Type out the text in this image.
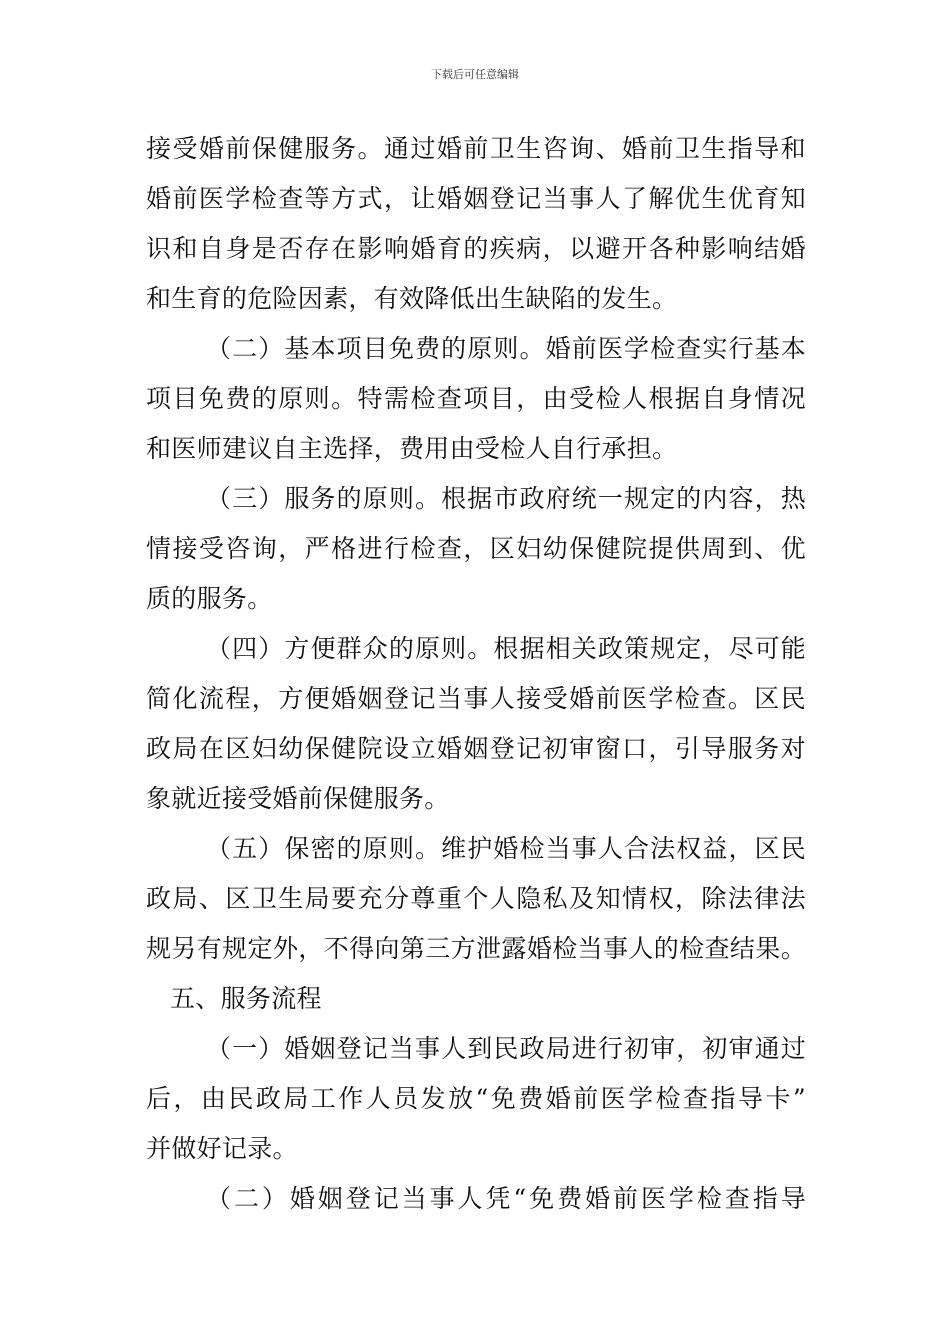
下载后可任意编辑
接受婚前保健服务。通过婚前卫生咨询、婚前卫生指导和
婚前医学检查等方式，让婚姻登记当事人了解优生优育知
识和自身是否存在影响婚育的疾病，以避开各种影响结婚
和生育的危险因素，有效降低出生缺陷的发生。
（二）基本项目免费的原则。婚前医学检查实行基本
项目免费的原则。特需检查项目，由受检人根据自身情况
和医师建议自主选择，费用由受检人自行承担。
（三）服务的原则。根据市政府统一规定的内容，热
情接受咨询，严格进行检查，区妇幼保健院提供周到、优
质的服务。
（四）方便群众的原则。根据相关政策规定，尽可能
简化流程，方便婚姻登记当事人接受婚前医学检查。区民
政局在区妇幼保健院设立婚姻登记初审窗口，引导服务对
象就近接受婚前保健服务。
（五）保密的原则。维护婚检当事人合法权益，区民
政局、区卫生局要充分尊重个人隐私及知情权，除法律法
规另有规定外，不得向第三方泄露婚检当事人的检查结果。
五、服务流程
（一）婚姻登记当事人到民政局进行初审，初审通过
后，由民政局工作人员发放“免费婚前医学检查指导卡”
并做好记录。
（二）婚姻登记当事人凭“免费婚前医学检查指导
